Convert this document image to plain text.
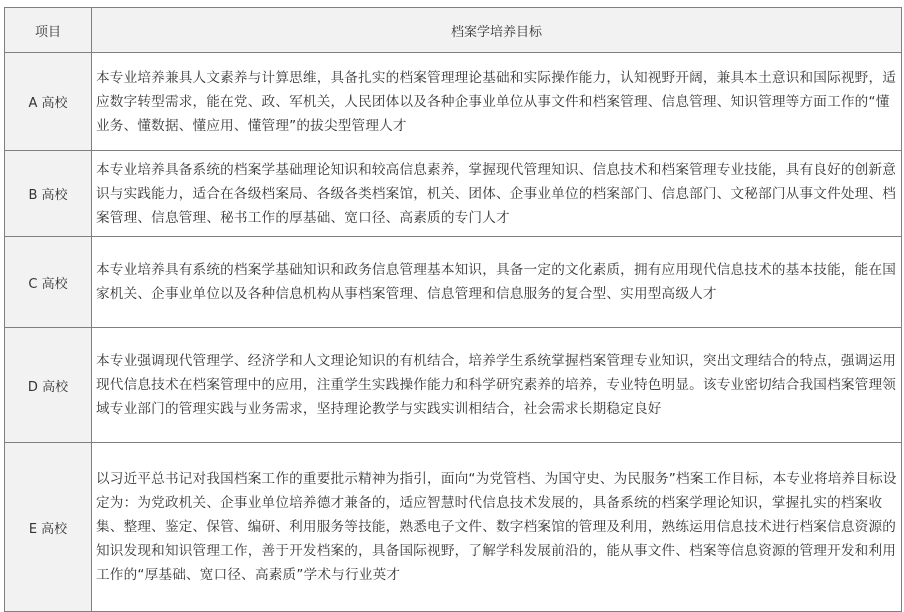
项目	档案学培养目标
A 高校	本专业培养兼具人文素养与计算思维，具备扎实的档案管理理论基础和实际操作能力，认知视野开阔，兼具本土意识和国际视野，适应数字转型需求，能在党、政、军机关，人民团体以及各种企事业单位从事文件和档案管理、信息管理、知识管理等方面工作的“懂业务、懂数据、懂应用、懂管理”的拔尖型管理人才
B 高校	本专业培养具备系统的档案学基础理论知识和较高信息素养，掌握现代管理知识、信息技术和档案管理专业技能，具有良好的创新意识与实践能力，适合在各级档案局、各级各类档案馆，机关、团体、企事业单位的档案部门、信息部门、文秘部门从事文件处理、档案管理、信息管理、秘书工作的厚基础、宽口径、高素质的专门人才
C 高校	本专业培养具有系统的档案学基础知识和政务信息管理基本知识，具备一定的文化素质，拥有应用现代信息技术的基本技能，能在国家机关、企事业单位以及各种信息机构从事档案管理、信息管理和信息服务的复合型、实用型高级人才
D 高校	本专业强调现代管理学、经济学和人文理论知识的有机结合，培养学生系统掌握档案管理专业知识，突出文理结合的特点，强调运用现代信息技术在档案管理中的应用，注重学生实践操作能力和科学研究素养的培养，专业特色明显。该专业密切结合我国档案管理领域专业部门的管理实践与业务需求，坚持理论教学与实践实训相结合，社会需求长期稳定良好
E 高校	以习近平总书记对我国档案工作的重要批示精神为指引，面向“为党管档、为国守史、为民服务”档案工作目标，本专业将培养目标设定为：为党政机关、企事业单位培养德才兼备的，适应智慧时代信息技术发展的，具备系统的档案学理论知识，掌握扎实的档案收集、整理、鉴定、保管、编研、利用服务等技能，熟悉电子文件、数字档案馆的管理及利用，熟练运用信息技术进行档案信息资源的知识发现和知识管理工作，善于开发档案的，具备国际视野，了解学科发展前沿的，能从事文件、档案等信息资源的管理开发和利用工作的“厚基础、宽口径、高素质”学术与行业英才
